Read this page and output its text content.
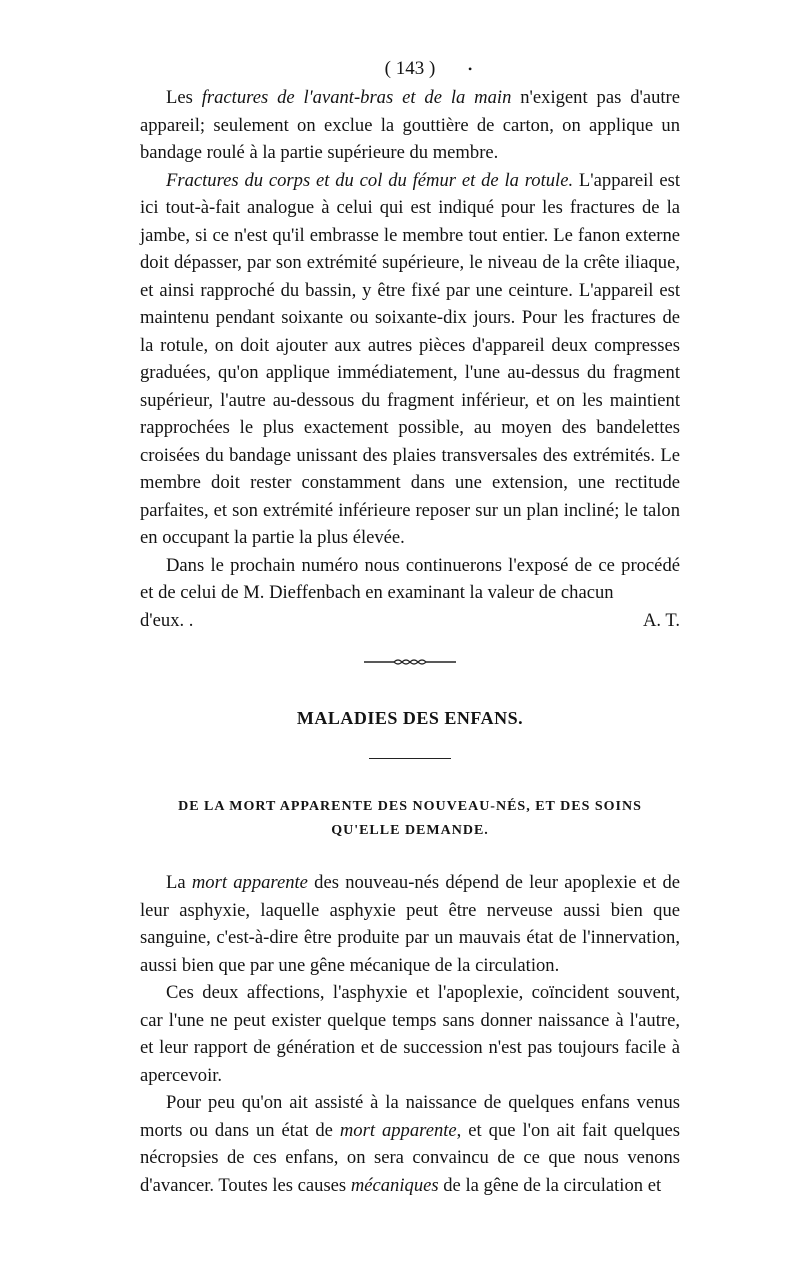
( 143 )	•

Les fractures de l'avant-bras et de la main n'exigent pas d'autre appareil; seulement on exclue la gouttière de carton, on applique un bandage roulé à la partie supérieure du membre.

Fractures du corps et du col du fémur et de la rotule. L'appareil est ici tout-à-fait analogue à celui qui est indiqué pour les fractures de la jambe, si ce n'est qu'il embrasse le membre tout entier. Le fanon externe doit dépasser, par son extrémité supérieure, le niveau de la crête iliaque, et ainsi rapproché du bassin, y être fixé par une ceinture. L'appareil est maintenu pendant soixante ou soixante-dix jours. Pour les fractures de la rotule, on doit ajouter aux autres pièces d'appareil deux compresses graduées, qu'on applique immédiatement, l'une au-dessus du fragment supérieur, l'autre au-dessous du fragment inférieur, et on les maintient rapprochées le plus exactement possible, au moyen des bandelettes croisées du bandage unissant des plaies transversales des extrémités. Le membre doit rester constamment dans une extension, une rectitude parfaites, et son extrémité inférieure reposer sur un plan incliné; le talon en occupant la partie la plus élevée.

Dans le prochain numéro nous continuerons l'exposé de ce procédé et de celui de M. Dieffenbach en examinant la valeur de chacun

d'eux. .	A. T.
MALADIES DES ENFANS.
DE LA MORT APPARENTE DES NOUVEAU-NÉS, ET DES SOINS
QU'ELLE DEMANDE.

La mort apparente des nouveau-nés dépend de leur apoplexie et de leur asphyxie, laquelle asphyxie peut être nerveuse aussi bien que sanguine, c'est-à-dire être produite par un mauvais état de l'innervation, aussi bien que par une gêne mécanique de la circulation.

Ces deux affections, l'asphyxie et l'apoplexie, coïncident souvent, car l'une ne peut exister quelque temps sans donner naissance à l'autre, et leur rapport de génération et de succession n'est pas toujours facile à apercevoir.

Pour peu qu'on ait assisté à la naissance de quelques enfans venus morts ou dans un état de mort apparente, et que l'on ait fait quelques nécropsies de ces enfans, on sera convaincu de ce que nous venons d'avancer. Toutes les causes mécaniques de la gêne de la circulation et
